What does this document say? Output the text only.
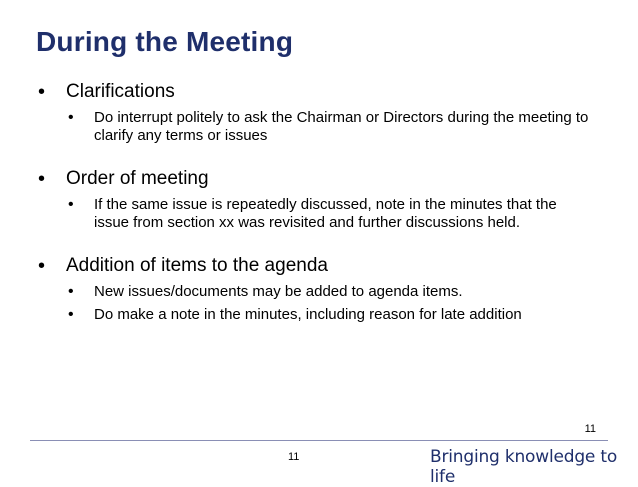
During the Meeting
•	Clarifications
•	Do interrupt politely to ask the Chairman or Directors during the meeting to clarify any terms or issues
•	Order of meeting
•	If the same issue is repeatedly discussed, note in the minutes that the issue from section xx was revisited and further discussions held.
•	Addition of items to the agenda
•	New issues/documents may be added to agenda items.
•	Do make a note in the minutes, including reason for late addition
11
11	Bringing knowledge to life
